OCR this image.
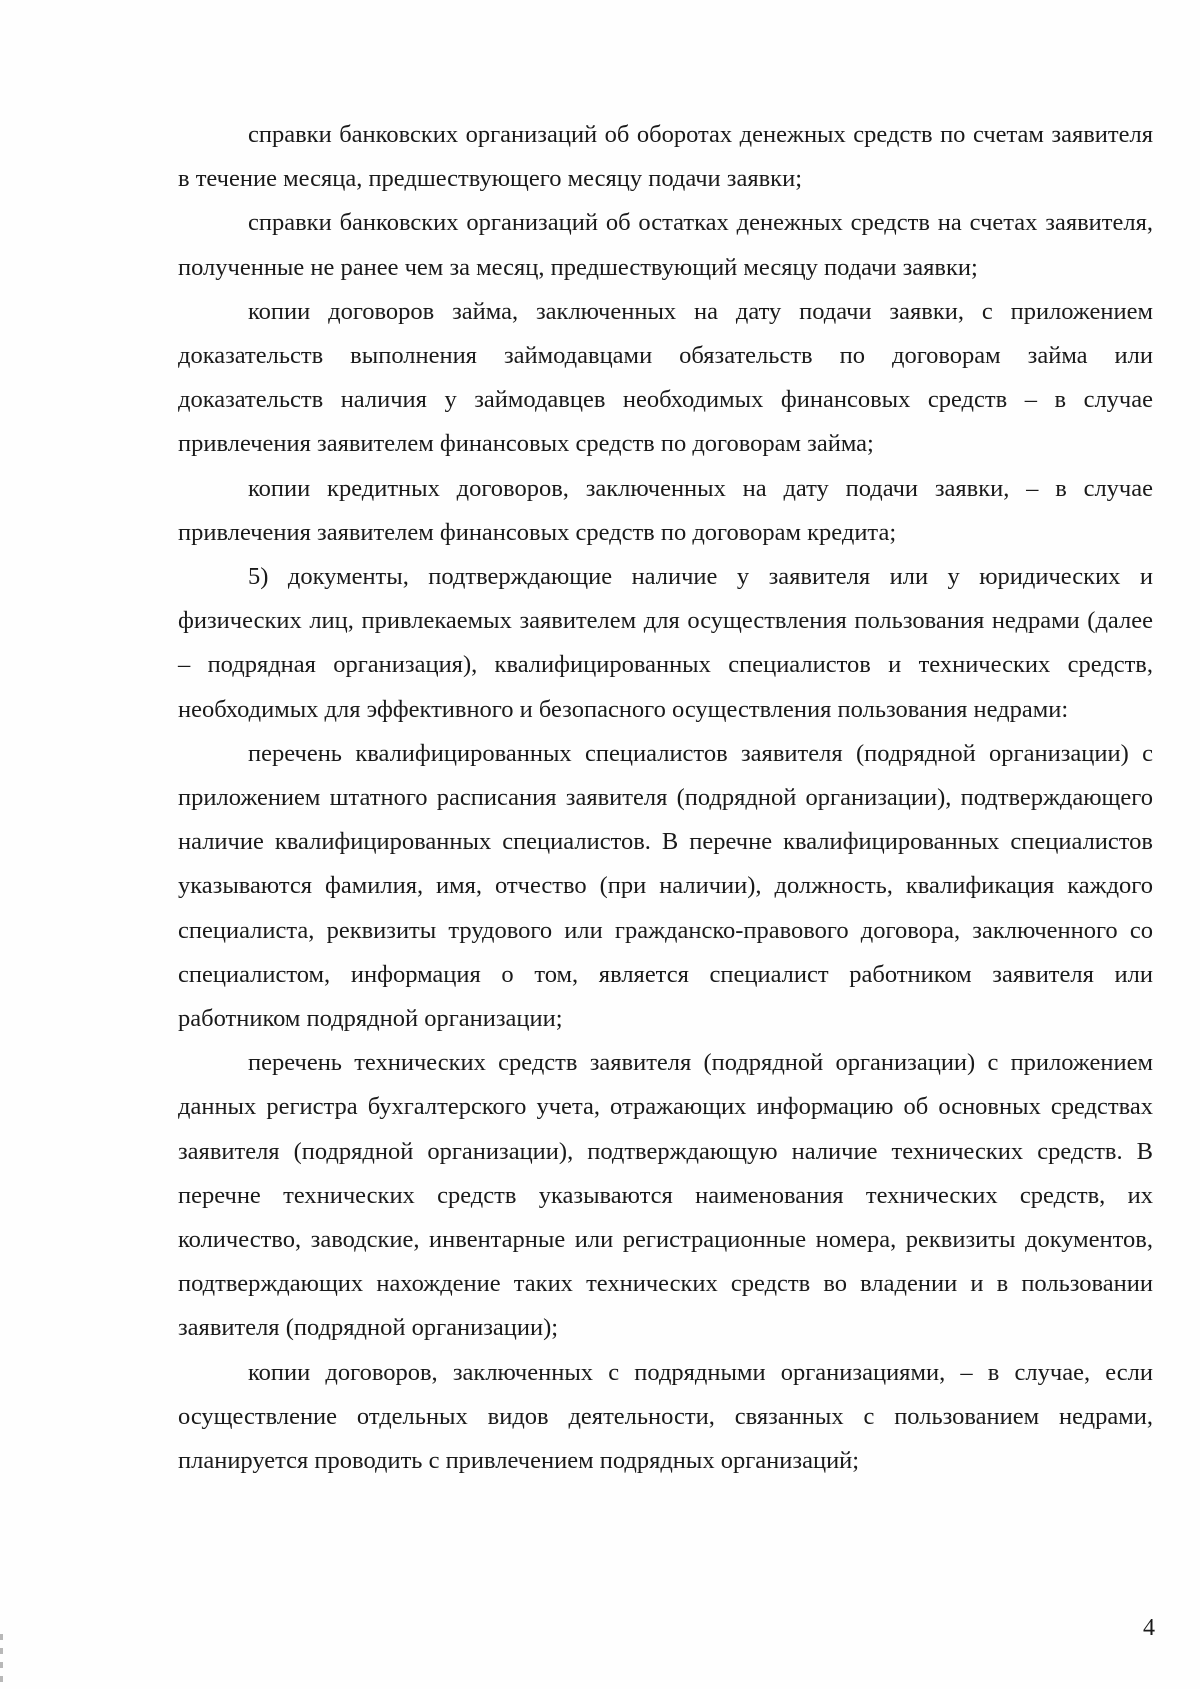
справки банковских организаций об оборотах денежных средств по счетам заявителя в течение месяца, предшествующего месяцу подачи заявки;

справки банковских организаций об остатках денежных средств на счетах заявителя, полученные не ранее чем за месяц, предшествующий месяцу подачи заявки;

копии договоров займа, заключенных на дату подачи заявки, с приложением доказательств выполнения займодавцами обязательств по договорам займа или доказательств наличия у займодавцев необходимых финансовых средств – в случае привлечения заявителем финансовых средств по договорам займа;

копии кредитных договоров, заключенных на дату подачи заявки, – в случае привлечения заявителем финансовых средств по договорам кредита;

5) документы, подтверждающие наличие у заявителя или у юридических и физических лиц, привлекаемых заявителем для осуществления пользования недрами (далее – подрядная организация), квалифицированных специалистов и технических средств, необходимых для эффективного и безопасного осуществления пользования недрами:

перечень квалифицированных специалистов заявителя (подрядной организации) с приложением штатного расписания заявителя (подрядной организации), подтверждающего наличие квалифицированных специалистов. В перечне квалифицированных специалистов указываются фамилия, имя, отчество (при наличии), должность, квалификация каждого специалиста, реквизиты трудового или гражданско-правового договора, заключенного со специалистом, информация о том, является специалист работником заявителя или работником подрядной организации;

перечень технических средств заявителя (подрядной организации) с приложением данных регистра бухгалтерского учета, отражающих информацию об основных средствах заявителя (подрядной организации), подтверждающую наличие технических средств. В перечне технических средств указываются наименования технических средств, их количество, заводские, инвентарные или регистрационные номера, реквизиты документов, подтверждающих нахождение таких технических средств во владении и в пользовании заявителя (подрядной организации);

копии договоров, заключенных с подрядными организациями, – в случае, если осуществление отдельных видов деятельности, связанных с пользованием недрами, планируется проводить с привлечением подрядных организаций;

4
